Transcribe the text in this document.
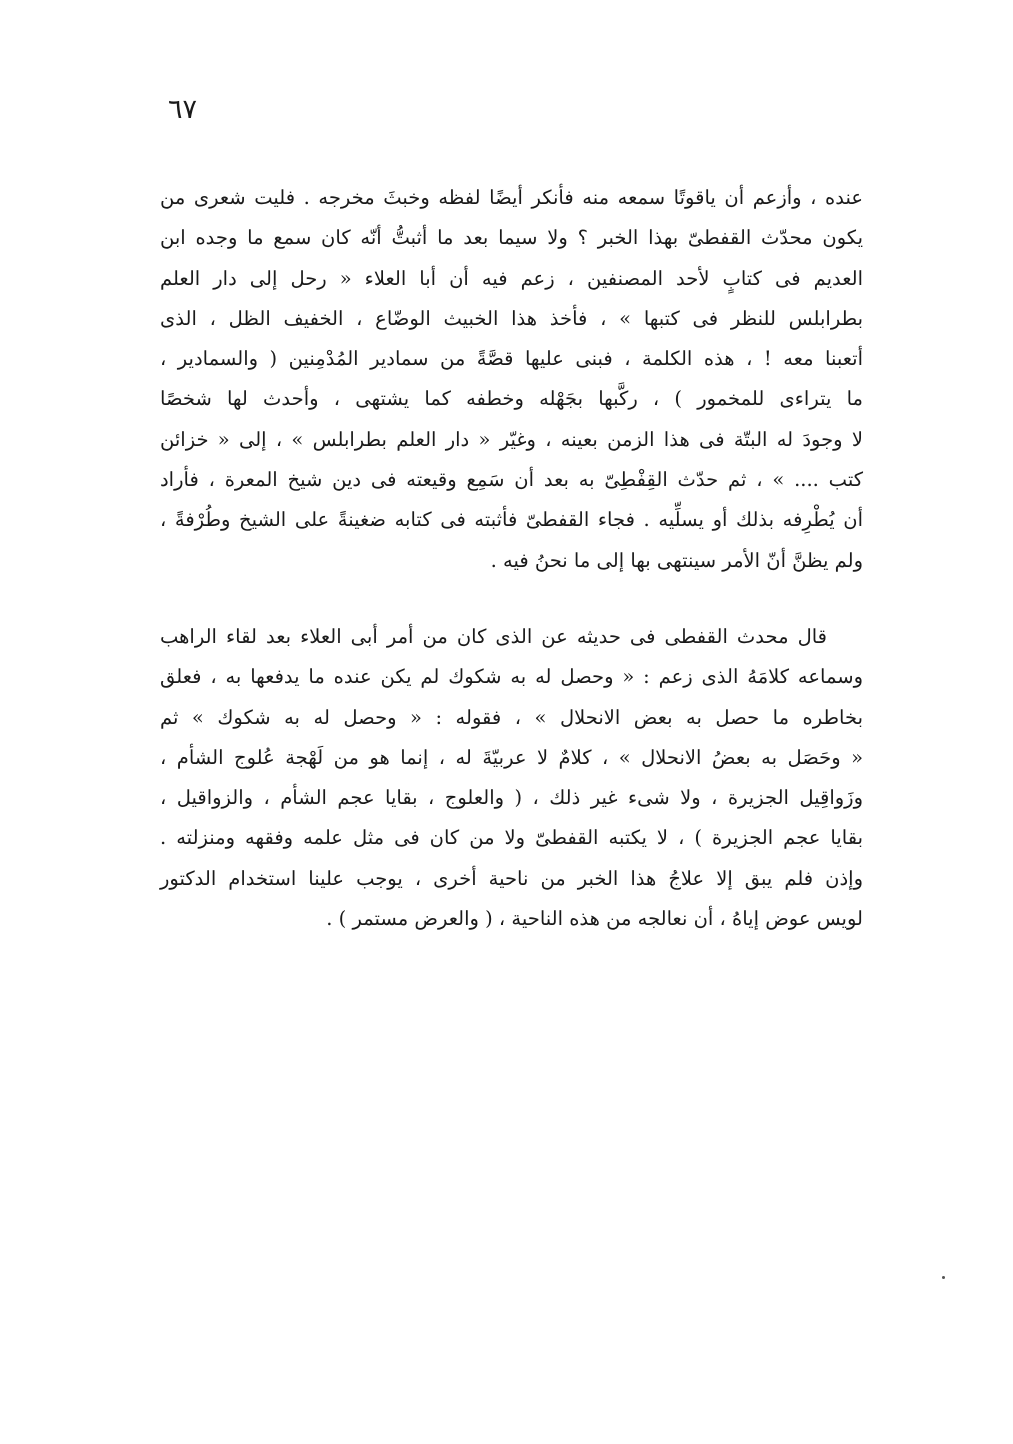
٦٧
عنده ، وأزعم أن ياقوتًا سمعه منه فأنكر أيضًا لفظه وخبثَ مخرجه . فليت شعرى من
يكون محدّث القفطىّ بهذا الخبر ؟ ولا سيما بعد ما أثبتُّ أنّه كان سمع ما وجده ابن
العديم فى كتابٍ لأحد المصنفين ، زعم فيه أن أبا العلاء « رحل إلى دار العلم
بطرابلس للنظر فى كتبها » ، فأخذ هذا الخبيث الوضّاع ، الخفيف الظل ، الذى
أتعبنا معه ! ، هذه الكلمة ، فبنى عليها قصَّةً من سمادير المُدْمِنين ( والسمادير ،
ما يتراءى للمخمور ) ، ركَّبها بجَهْله وخطفه كما يشتهى ، وأحدث لها شخصًا
لا وجودَ له البتّة فى هذا الزمن بعينه ، وغيّر « دار العلم بطرابلس » ، إلى « خزائن
كتب .... » ، ثم حدّث القِفْطِىّ به بعد أن سَمِع وقيعته فى دين شيخ المعرة ، فأراد
أن يُطْرِفه بذلك أو يسلِّيه . فجاء القفطىّ فأثبته فى كتابه ضغينةً على الشيخ وطُرْفةً ،
ولم يظنَّ أنّ الأمر سينتهى بها إلى ما نحنُ فيه .
قال محدث القفطى فى حديثه عن الذى كان من أمر أبى العلاء بعد لقاء الراهب
وسماعه كلامَهُ الذى زعم : « وحصل له به شكوك لم يكن عنده ما يدفعها به ، فعلق
بخاطره ما حصل به بعض الانحلال » ، فقوله : « وحصل له به شكوك » ثم
« وحَصَل به بعضُ الانحلال » ، كلامٌ لا عربيّةَ له ، إنما هو من لَهْجة عُلوج الشأم ،
وزَواقِيل الجزيرة ، ولا شىء غير ذلك ، ( والعلوج ، بقايا عجم الشأم ، والزواقيل ،
بقايا عجم الجزيرة ) ، لا يكتبه القفطىّ ولا من كان فى مثل علمه وفقهه ومنزلته .
وإذن فلم يبق إلا علاجُ هذا الخبر من ناحية أخرى ، يوجب علينا استخدام الدكتور
لويس عوض إياهُ ، أن نعالجه من هذه الناحية ، ( والعرض مستمر ) .
